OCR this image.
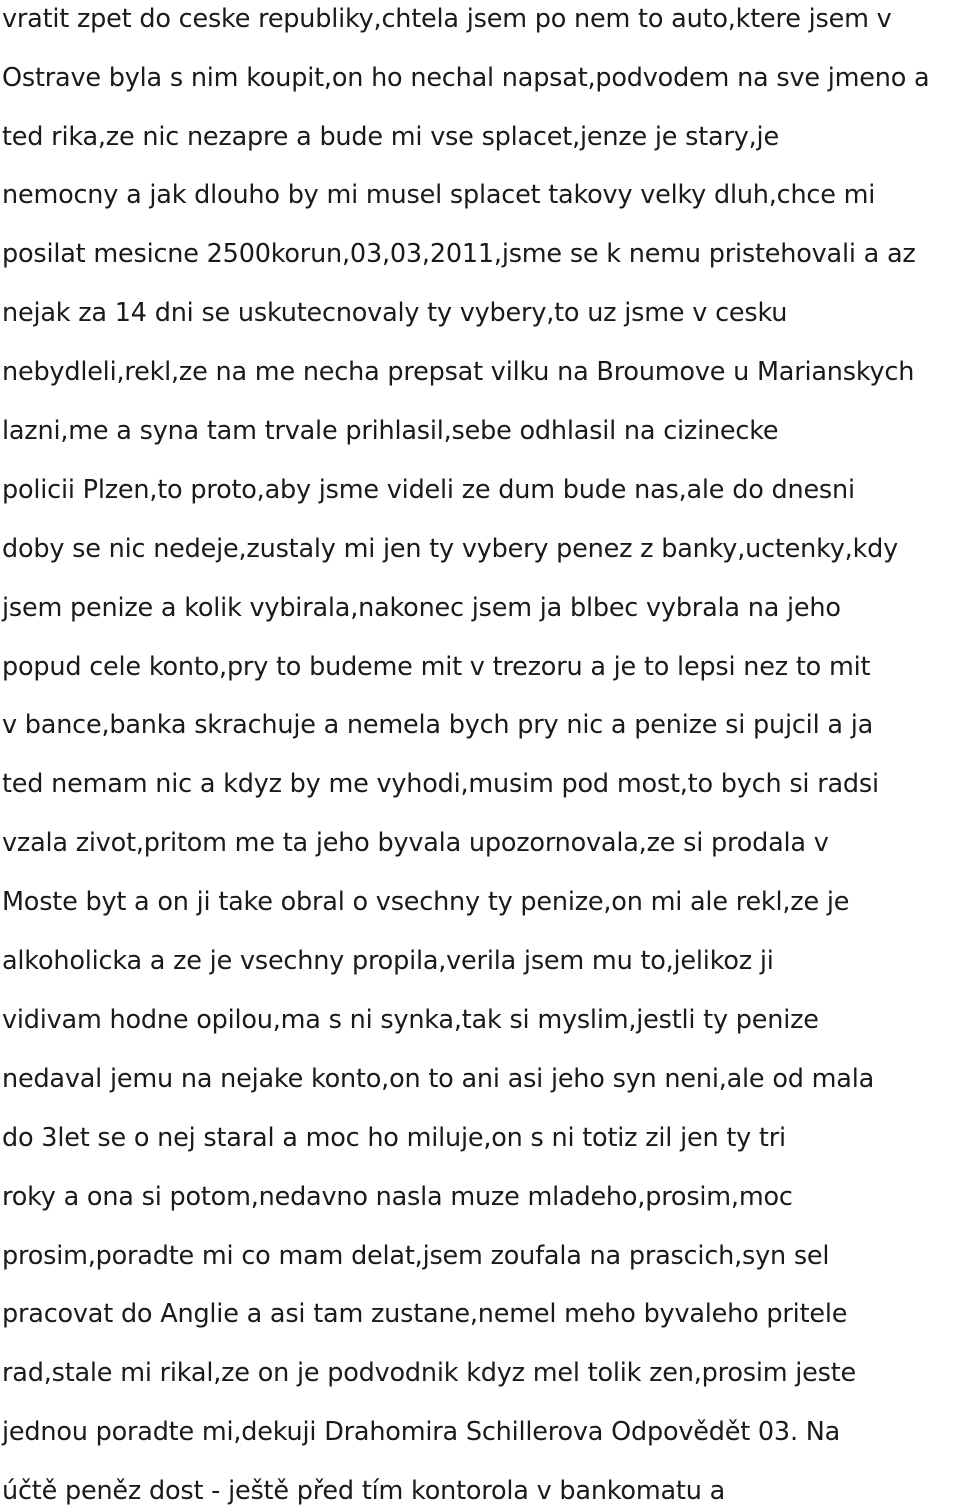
vratit zpet do ceske republiky,chtela jsem po nem to auto,ktere jsem v
Ostrave byla s nim koupit,on ho nechal napsat,podvodem na sve jmeno a
ted rika,ze nic nezapre a bude mi vse splacet,jenze je stary,je
nemocny a jak dlouho by mi musel splacet takovy velky dluh,chce mi
posilat mesicne 2500korun,03,03,2011,jsme se k nemu pristehovali a az
nejak za 14 dni se uskutecnovaly ty vybery,to uz jsme v cesku
nebydleli,rekl,ze na me necha prepsat vilku na Broumove u Marianskych
lazni,me a syna tam trvale prihlasil,sebe odhlasil na cizinecke
policii Plzen,to proto,aby jsme videli ze dum bude nas,ale do dnesni
doby se nic nedeje,zustaly mi jen ty vybery penez z banky,uctenky,kdy
jsem penize a kolik vybirala,nakonec jsem ja blbec vybrala na jeho
popud cele konto,pry to budeme mit v trezoru a je to lepsi nez to mit
v bance,banka skrachuje a nemela bych pry nic a penize si pujcil a ja
ted nemam nic a kdyz by me vyhodi,musim pod most,to bych si radsi
vzala zivot,pritom me ta jeho byvala upozornovala,ze si prodala v
Moste byt a on ji take obral o vsechny ty penize,on mi ale rekl,ze je
alkoholicka a ze je vsechny propila,verila jsem mu to,jelikoz ji
vidivam hodne opilou,ma s ni synka,tak si myslim,jestli ty penize
nedaval jemu na nejake konto,on to ani asi jeho syn neni,ale od mala
do 3let se o nej staral a moc ho miluje,on s ni totiz zil jen ty tri
roky a ona si potom,nedavno nasla muze mladeho,prosim,moc
prosim,poradte mi co mam delat,jsem zoufala na prascich,syn sel
pracovat do Anglie a asi tam zustane,nemel meho byvaleho pritele
rad,stale mi rikal,ze on je podvodnik kdyz mel tolik zen,prosim jeste
jednou poradte mi,dekuji Drahomira Schillerova Odpovědět 03. Na
účtě peněz dost - ještě před tím kontorola v bankomatu a
